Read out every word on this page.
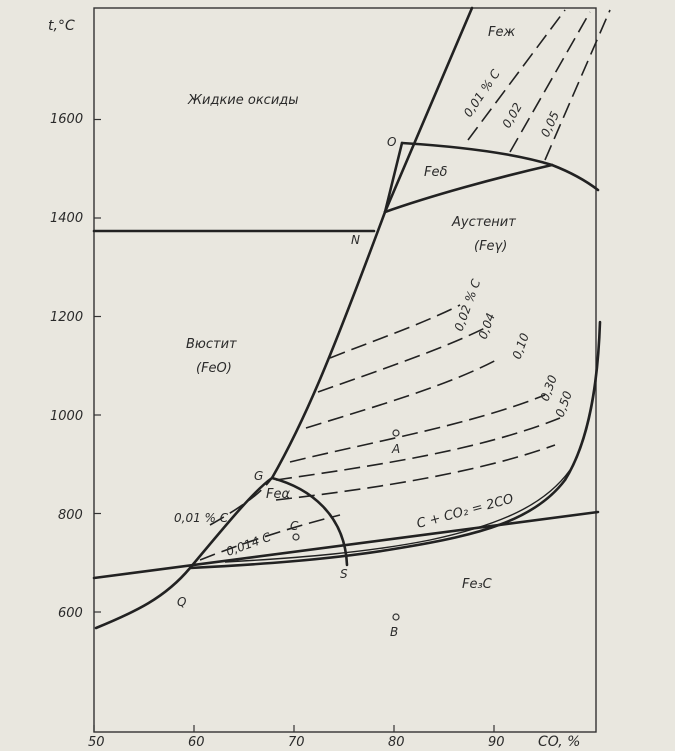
t,°C
CO, %
50	60	70	80	90
600
800
1000
1200
1400
1600
Жидкие оксиды
Feж
Feδ
Аустенит
(Feγ)
Вюстит
(FeO)
Feα
Fe₃C
C + CO₂ = 2CO
O
N
G
Q
S
A
B
C
0,01 % C
0,02 0,05
0,02 % C
0,04
0,10
0,30
0,50
0,01 % C
0,014 C
